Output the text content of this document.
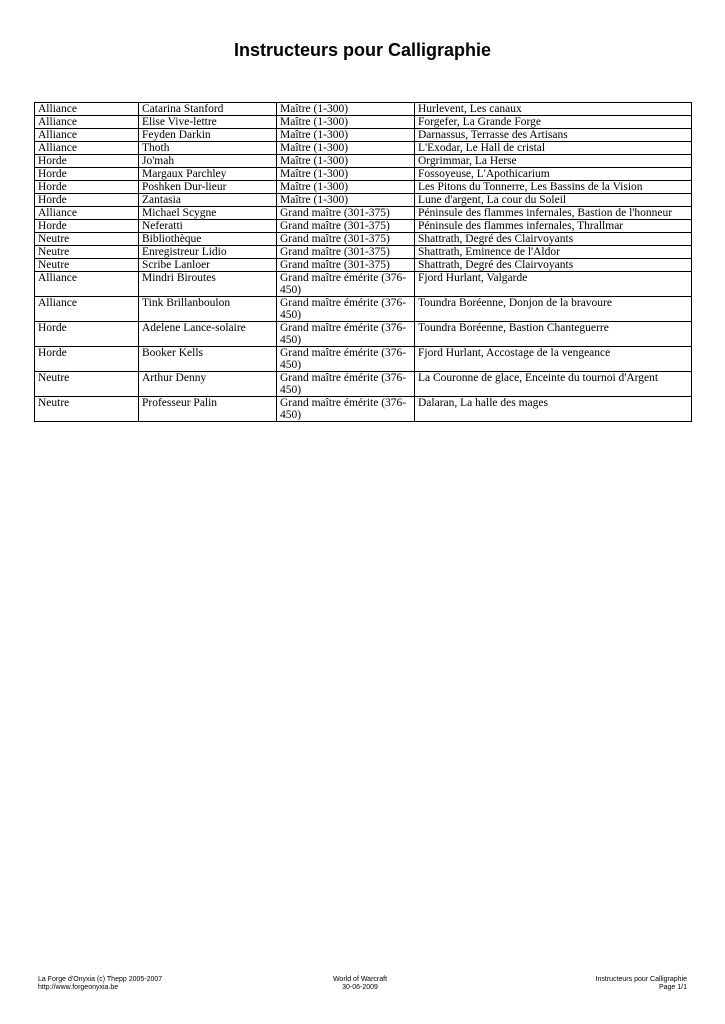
Instructeurs pour Calligraphie
Alliance	Catarina Stanford	Maître (1-300)	Hurlevent, Les canaux
Alliance	Elise Vive-lettre	Maître (1-300)	Forgefer, La Grande Forge
Alliance	Feyden Darkin	Maître (1-300)	Darnassus, Terrasse des Artisans
Alliance	Thoth	Maître (1-300)	L'Exodar, Le Hall de cristal
Horde	Jo'mah	Maître (1-300)	Orgrimmar, La Herse
Horde	Margaux Parchley	Maître (1-300)	Fossoyeuse, L'Apothicarium
Horde	Poshken Dur-lieur	Maître (1-300)	Les Pitons du Tonnerre, Les Bassins de la Vision
Horde	Zantasia	Maître (1-300)	Lune d'argent, La cour du Soleil
Alliance	Michael Scygne	Grand maître (301-375)	Péninsule des flammes infernales, Bastion de l'honneur
Horde	Neferatti	Grand maître (301-375)	Péninsule des flammes infernales, Thrallmar
Neutre	Bibliothèque	Grand maître (301-375)	Shattrath, Degré des Clairvoyants
Neutre	Enregistreur Lidio	Grand maître (301-375)	Shattrath, Eminence de l'Aldor
Neutre	Scribe Lanloer	Grand maître (301-375)	Shattrath, Degré des Clairvoyants
Alliance	Mindri Biroutes	Grand maître émérite (376-450)	Fjord Hurlant, Valgarde
Alliance	Tink Brillanboulon	Grand maître émérite (376-450)	Toundra Boréenne, Donjon de la bravoure
Horde	Adelene Lance-solaire	Grand maître émérite (376-450)	Toundra Boréenne, Bastion Chanteguerre
Horde	Booker Kells	Grand maître émérite (376-450)	Fjord Hurlant, Accostage de la vengeance
Neutre	Arthur Denny	Grand maître émérite (376-450)	La Couronne de glace, Enceinte du tournoi d'Argent
Neutre	Professeur Palin	Grand maître émérite (376-450)	Dalaran, La halle des mages
La Forge d'Onyxia (c) Thepp 2005-2007
http://www.forgeonyxia.be
World of Warcraft
30-06-2009
Instructeurs pour Calligraphie
Page 1/1
